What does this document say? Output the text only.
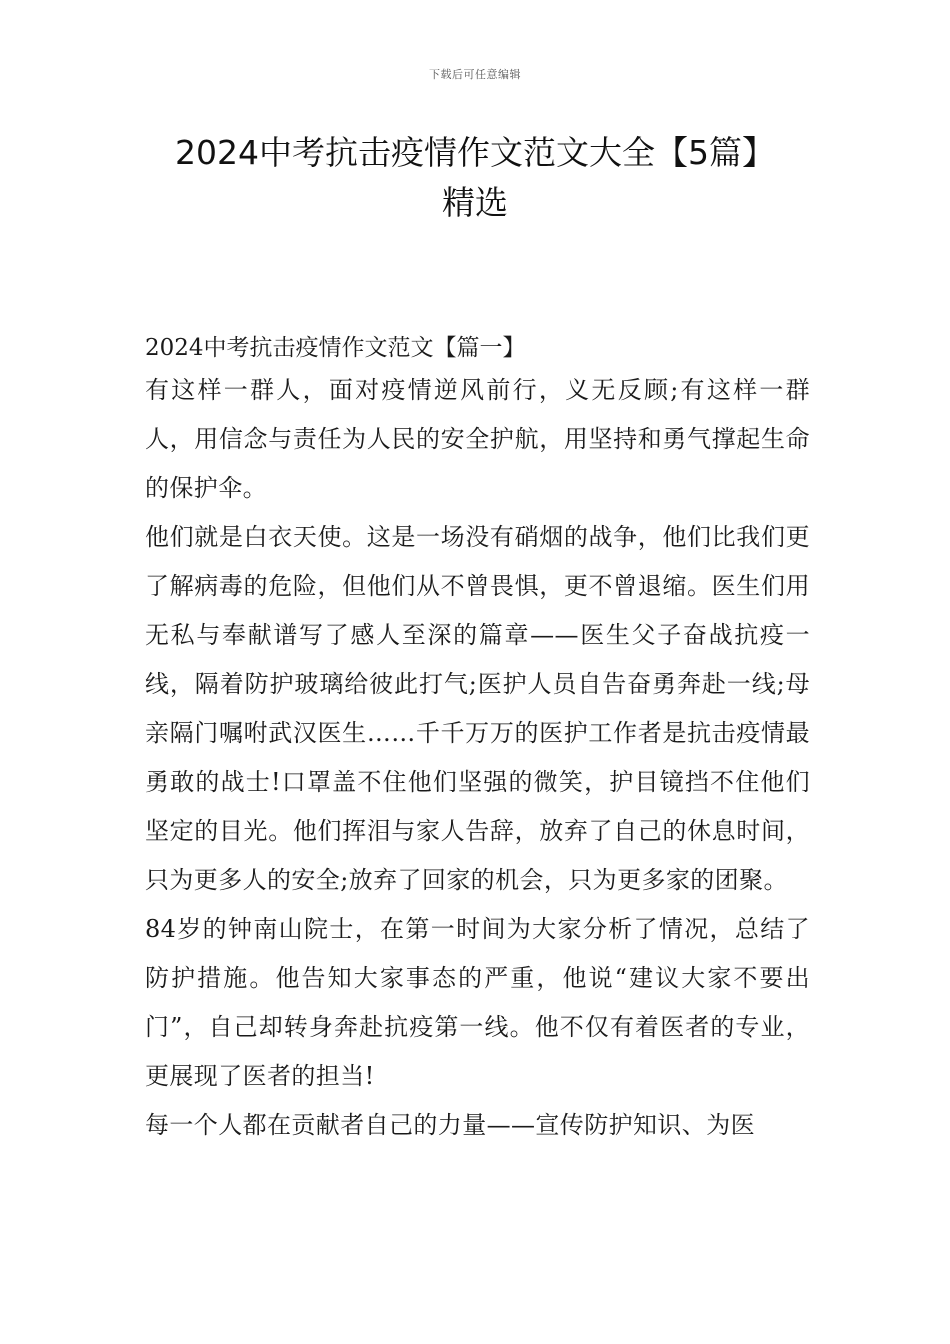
下载后可任意编辑
2024中考抗击疫情作文范文大全【5篇】
精选
2024中考抗击疫情作文范文【篇一】

有这样一群人，面对疫情逆风前行，义无反顾;有这样一群人，用信念与责任为人民的安全护航，用坚持和勇气撑起生命的保护伞。

他们就是白衣天使。这是一场没有硝烟的战争，他们比我们更了解病毒的危险，但他们从不曾畏惧，更不曾退缩。医生们用无私与奉献谱写了感人至深的篇章——医生父子奋战抗疫一线，隔着防护玻璃给彼此打气;医护人员自告奋勇奔赴一线;母亲隔门嘱咐武汉医生……千千万万的医护工作者是抗击疫情最勇敢的战士!口罩盖不住他们坚强的微笑，护目镜挡不住他们坚定的目光。他们挥泪与家人告辞，放弃了自己的休息时间，只为更多人的安全;放弃了回家的机会，只为更多家的团聚。

84岁的钟南山院士，在第一时间为大家分析了情况，总结了防护措施。他告知大家事态的严重，他说“建议大家不要出门”，自己却转身奔赴抗疫第一线。他不仅有着医者的专业，更展现了医者的担当!

每一个人都在贡献者自己的力量——宣传防护知识、为医
